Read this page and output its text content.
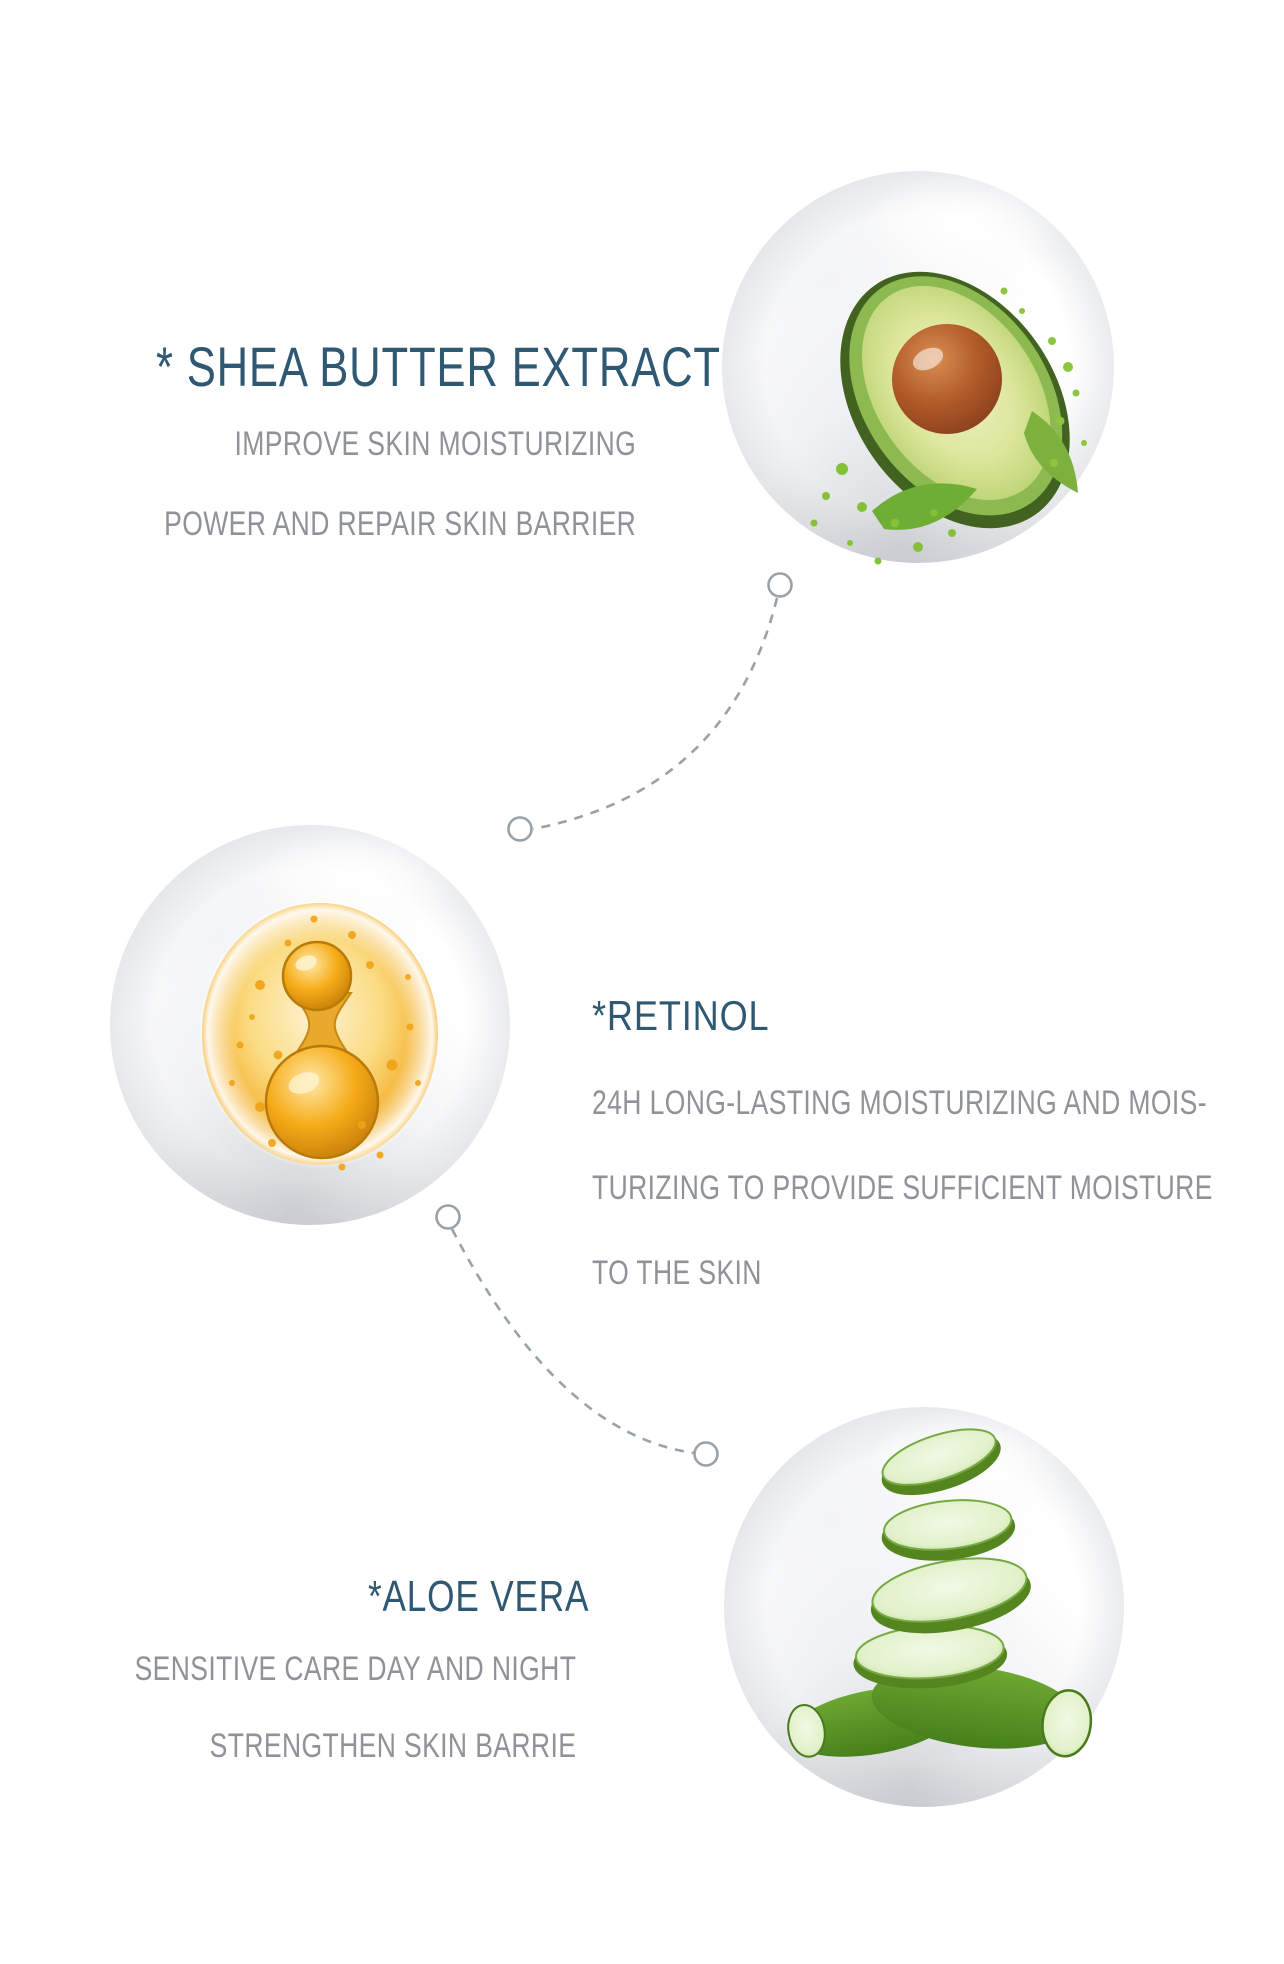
* SHEA BUTTER EXTRACT
IMPROVE SKIN MOISTURIZING
POWER AND REPAIR SKIN BARRIER
*RETINOL
24H LONG-LASTING MOISTURIZING AND MOIS-
TURIZING TO PROVIDE SUFFICIENT MOISTURE
TO THE SKIN
*ALOE VERA
SENSITIVE CARE DAY AND NIGHT
STRENGTHEN SKIN BARRIE
